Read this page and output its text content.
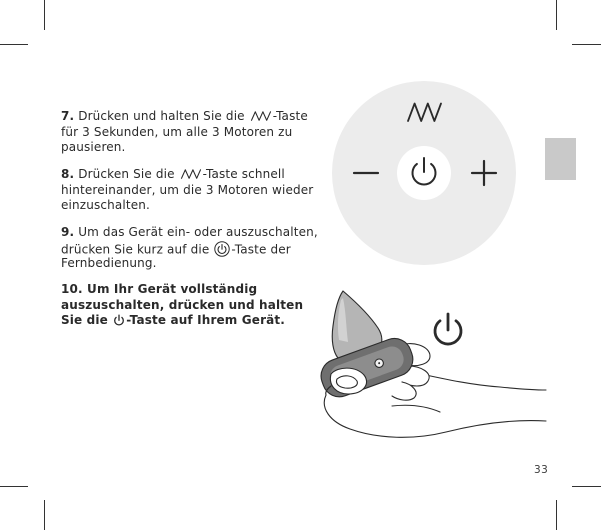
7. Drücken und halten Sie die -Taste
für 3 Sekunden, um alle 3 Motoren zu
pausieren.
8. Drücken Sie die -Taste schnell
hintereinander, um die 3 Motoren wieder
einzuschalten.
9. Um das Gerät ein- oder auszuschalten,
drücken Sie kurz auf die -Taste der
Fernbedienung.
10. Um Ihr Gerät vollständig
auszuschalten, drücken und halten
Sie die -Taste auf Ihrem Gerät.
33
